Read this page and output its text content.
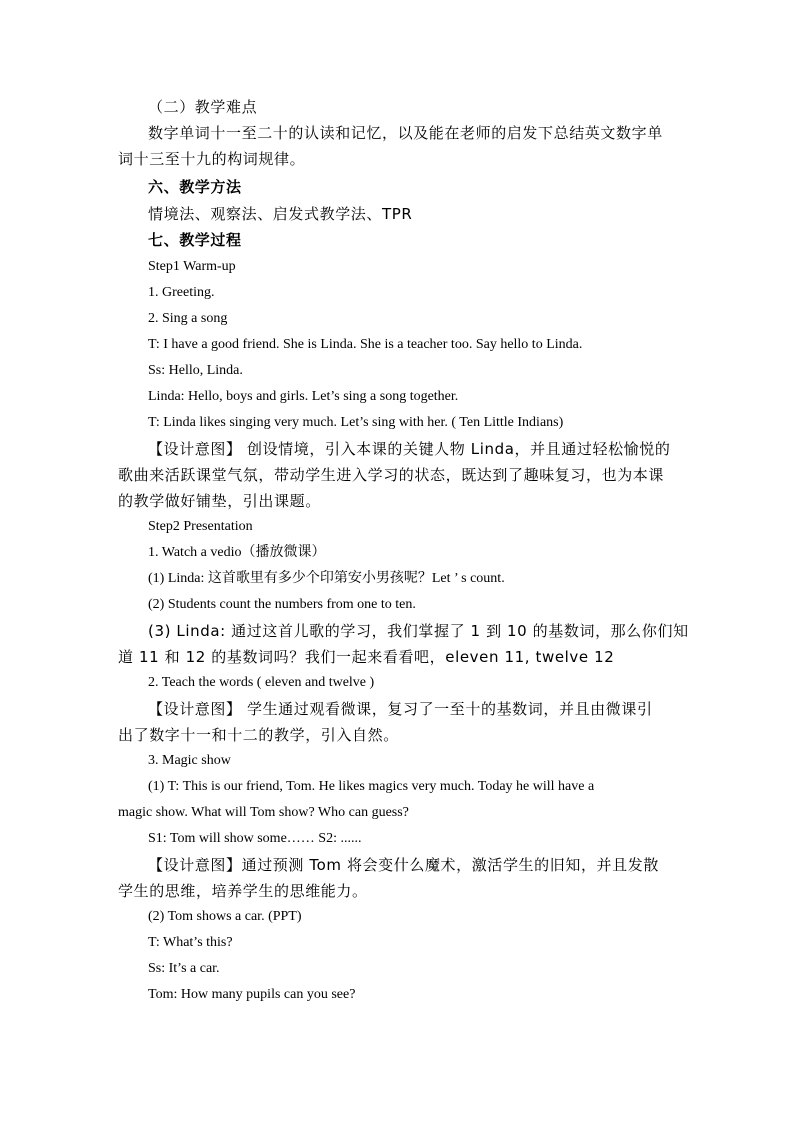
（二）教学难点
数字单词十一至二十的认读和记忆，以及能在老师的启发下总结英文数字单
词十三至十九的构词规律。
六、教学方法
情境法、观察法、启发式教学法、TPR
七、教学过程
Step1 Warm-up
1. Greeting.
2. Sing a song
T: I have a good friend. She is Linda. She is a teacher too. Say hello to Linda.
Ss: Hello, Linda.
Linda: Hello, boys and girls. Let’s sing a song together.
T: Linda likes singing very much. Let’s sing with her. ( Ten Little Indians)
【设计意图】 创设情境，引入本课的关键人物 Linda，并且通过轻松愉悦的
歌曲来活跃课堂气氛，带动学生进入学习的状态，既达到了趣味复习，也为本课
的教学做好铺垫，引出课题。
Step2 Presentation
1. Watch a vedio（播放微课）
(1) Linda: 这首歌里有多少个印第安小男孩呢？Let ’ s count.
(2) Students count the numbers from one to ten.
(3) Linda: 通过这首儿歌的学习，我们掌握了 1 到 10 的基数词，那么你们知
道 11 和 12 的基数词吗？我们一起来看看吧，eleven 11, twelve 12
2. Teach the words ( eleven and twelve )
【设计意图】 学生通过观看微课，复习了一至十的基数词，并且由微课引
出了数字十一和十二的教学，引入自然。
3. Magic show
(1) T: This is our friend, Tom. He likes magics very much. Today he will have a
magic show. What will Tom show? Who can guess?
S1: Tom will show some…… S2: ......
【设计意图】通过预测 Tom 将会变什么魔术，激活学生的旧知，并且发散
学生的思维，培养学生的思维能力。
(2) Tom shows a car. (PPT)
T: What’s this?
Ss: It’s a car.
Tom: How many pupils can you see?
